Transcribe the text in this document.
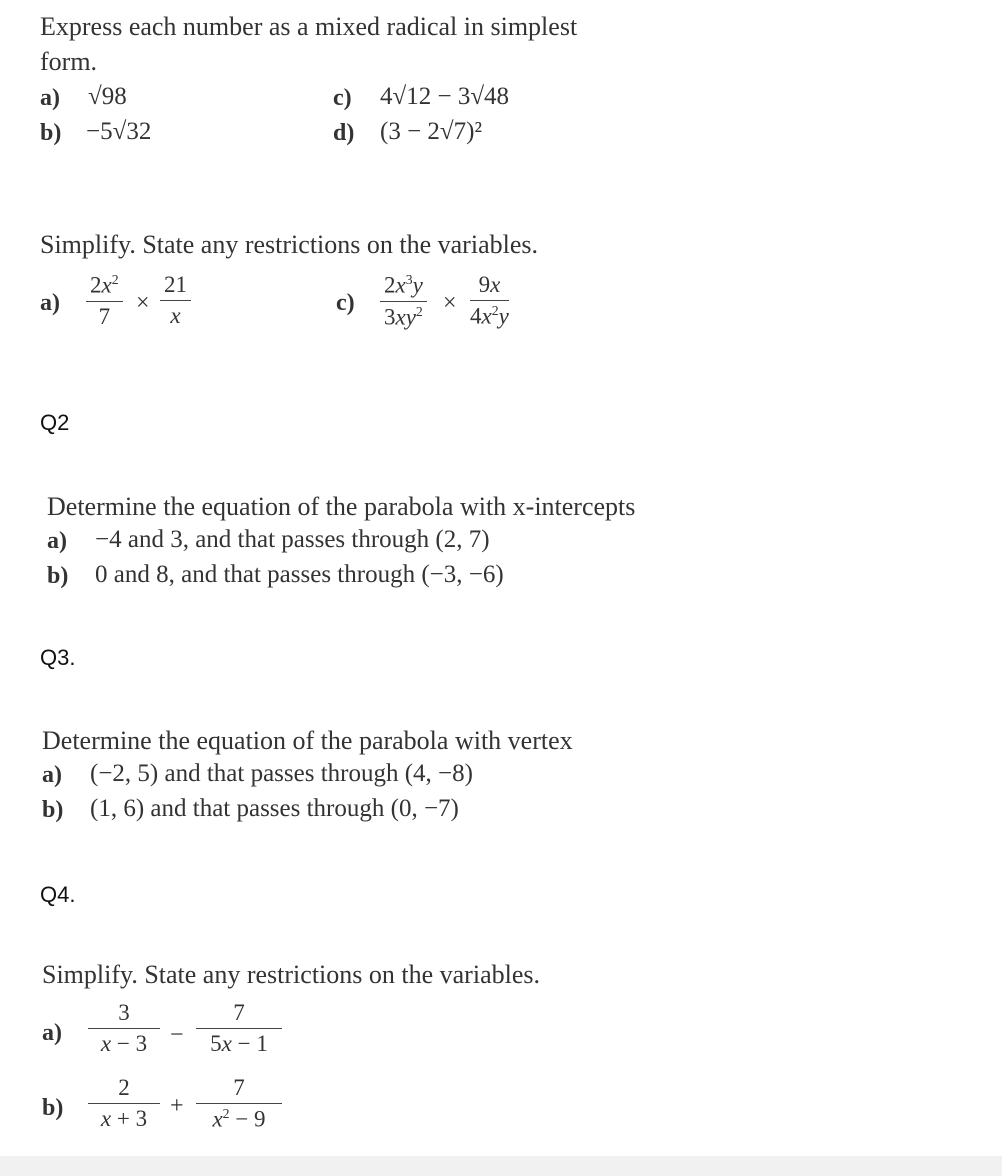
Express each number as a mixed radical in simplest
form.
a) √98
b) −5√32
c) 4√12 − 3√48
d) (3 − 2√7)²
Simplify. State any restrictions on the variables.
$a) \frac{2x^2}{7} \times \frac{21}{x}$	$c) \frac{2x^3y}{3xy^2} \times \frac{9x}{4x^2y}$
Q2
Determine the equation of the parabola with x-intercepts
a) −4 and 3, and that passes through (2, 7)
b) 0 and 8, and that passes through (−3, −6)
Q3.
Determine the equation of the parabola with vertex
a) (−2, 5) and that passes through (4, −8)
b) (1, 6) and that passes through (0, −7)
Q4.
Simplify. State any restrictions on the variables.
$a) \frac{3}{x - 3} - \frac{7}{5x - 1}$
$b) \frac{2}{x + 3} + \frac{7}{x^2 - 9}$
